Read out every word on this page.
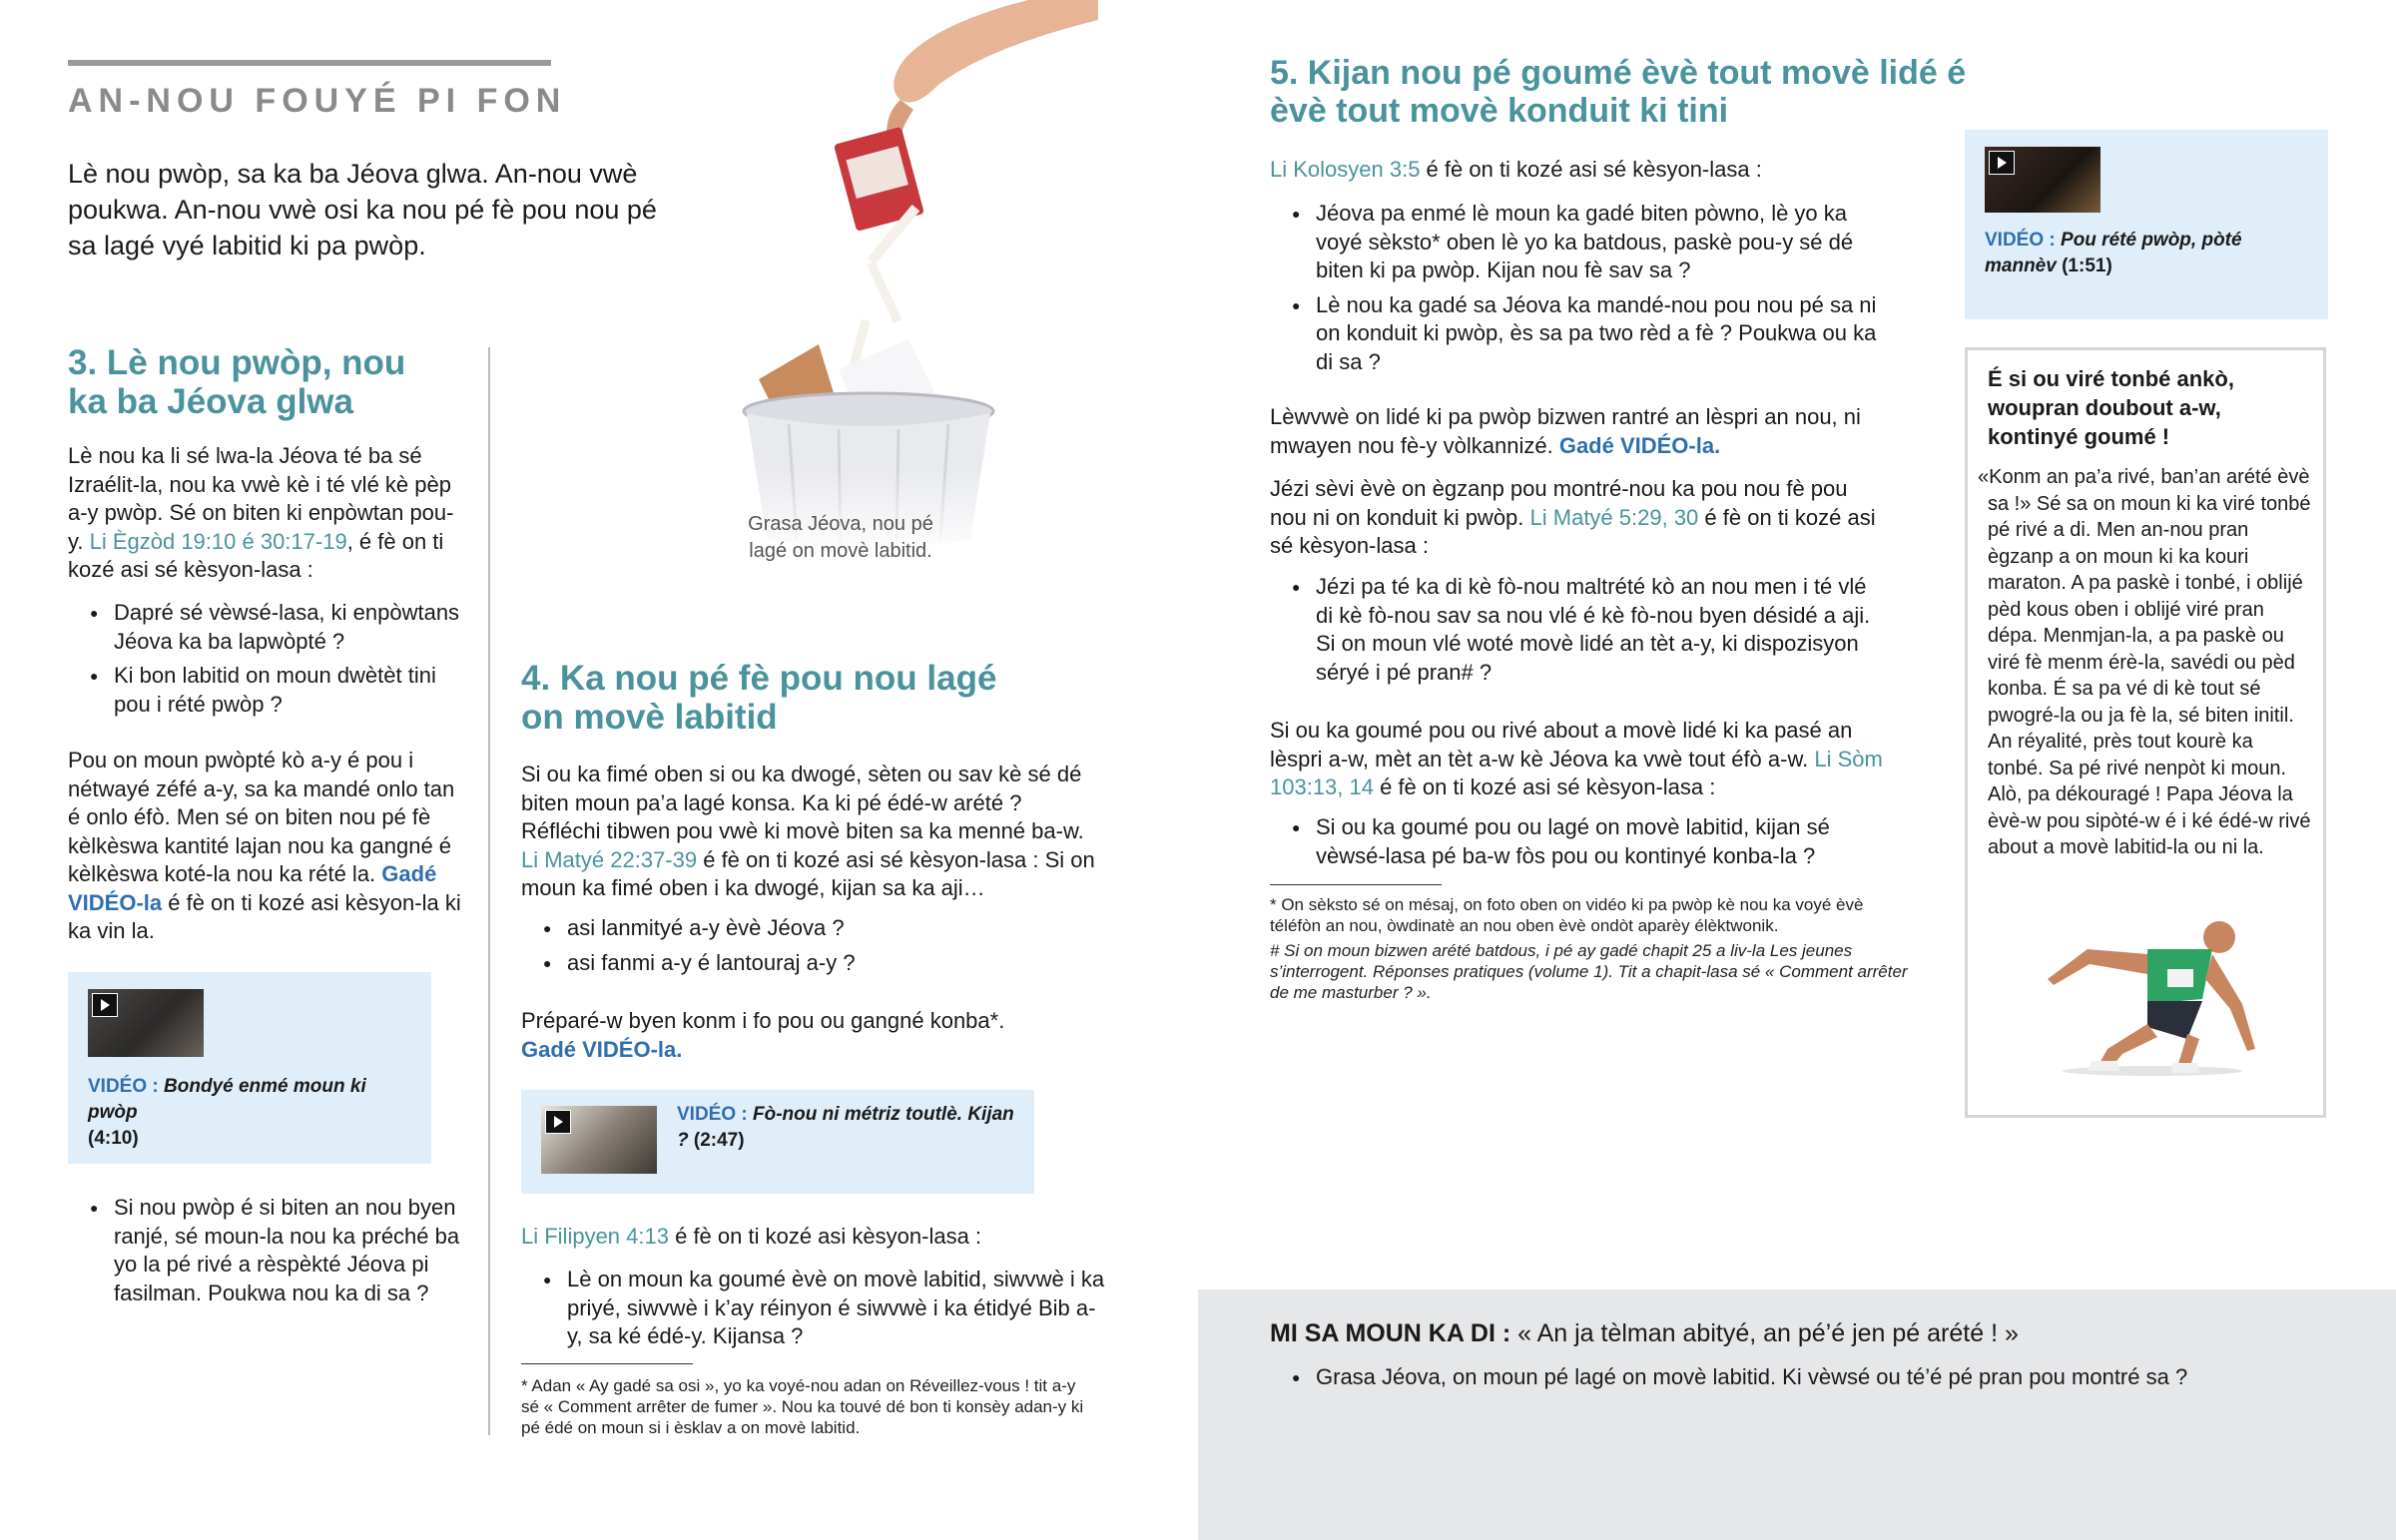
AN-NOU FOUYÉ PI FON

Lè nou pwòp, sa ka ba Jéova glwa. An-nou vwè poukwa. An-nou vwè osi ka nou pé fè pou nou pé sa lagé vyé labitid ki pa pwòp.

Grasa Jéova, nou pé lagé on movè labitid.

3. Lè nou pwòp, nou ka ba Jéova glwa

Lè nou ka li sé lwa-la Jéova té ba sé Izraélit-la, nou ka vwè kè i té vlé kè pèp a-y pwòp. Sé on biten ki enpòwtan pou-y. Li Ègzòd 19:10 é 30:17-19, é fè on ti kozé asi sé kèsyon-lasa :

● Dapré sé vèwsé-lasa, ki enpòwtans Jéova ka ba lapwòpté ?
● Ki bon labitid on moun dwètèt tini pou i rété pwòp ?

Pou on moun pwòpté kò a-y é pou i nétwayé zéfé a-y, sa ka mandé onlo tan é onlo éfò. Men sé on biten nou pé fè kèlkèswa kantité lajan nou ka gangné é kèlkèswa koté-la nou ka rété la. Gadé VIDÉO-la é fè on ti kozé asi kèsyon-la ki ka vin la.

VIDÉO : Bondyé enmé moun ki pwòp
(4:10)
● Si nou pwòp é si biten an nou byen ranjé, sé moun-la nou ka préché ba yo la pé rivé a rèspèkté Jéova pi fasilman. Poukwa nou ka di sa ?
4. Ka nou pé fè pou nou lagé on movè labitid

Si ou ka fimé oben si ou ka dwogé, sèten ou sav kè sé dé biten moun pa’a lagé konsa. Ka ki pé édé-w arété ? Réfléchi tibwen pou vwè ki movè biten sa ka menné ba-w. Li Matyé 22:37-39 é fè on ti kozé asi sé kèsyon-lasa : Si on moun ka fimé oben i ka dwogé, kijan sa ka aji…

● asi lanmityé a-y èvè Jéova ?
● asi fanmi a-y é lantouraj a-y ?

Préparé-w byen konm i fo pou ou gangné konba*.
Gadé VIDÉO-la.

VIDÉO : Fò-nou ni métriz toutlè. Kijan ? (2:47)

Li Filipyen 4:13 é fè on ti kozé asi kèsyon-lasa :

● Lè on moun ka goumé èvè on movè labitid, siwvwè i ka priyé, siwvwè i k’ay réinyon é siwvwè i ka étidyé Bib a-y, sa ké édé-y. Kijansa ?

* Adan « Ay gadé sa osi », yo ka voyé-nou adan on Réveillez-vous ! tit a-y sé « Comment arrêter de fumer ». Nou ka touvé dé bon ti konsèy adan-y ki pé édé on moun si i èsklav a on movè labitid.

5. Kijan nou pé goumé èvè tout movè lidé é èvè tout movè konduit ki tini

Li Kolosyen 3:5 é fè on ti kozé asi sé kèsyon-lasa :

● Jéova pa enmé lè moun ka gadé biten pòwno, lè yo ka voyé sèksto* oben lè yo ka batdous, paskè pou-y sé dé biten ki pa pwòp. Kijan nou fè sav sa ?
● Lè nou ka gadé sa Jéova ka mandé-nou pou nou pé sa ni on konduit ki pwòp, ès sa pa two rèd a fè ? Poukwa ou ka di sa ?

Lèwvwè on lidé ki pa pwòp bizwen rantré an lèspri an nou, ni mwayen nou fè-y vòlkannizé. Gadé VIDÉO-la.

Jézi sèvi èvè on ègzanp pou montré-nou ka pou nou fè pou nou ni on konduit ki pwòp. Li Matyé 5:29, 30 é fè on ti kozé asi sé kèsyon-lasa :

● Jézi pa té ka di kè fò-nou maltrété kò an nou men i té vlé di kè fò-nou sav sa nou vlé é kè fò-nou byen désidé a aji. Si on moun vlé woté movè lidé an tèt a-y, ki dispozisyon séryé i pé pran# ?

Si ou ka goumé pou ou rivé about a movè lidé ki ka pasé an lèspri a-w, mèt an tèt a-w kè Jéova ka vwè tout éfò a-w. Li Sòm 103:13, 14 é fè on ti kozé asi sé kèsyon-lasa :

● Si ou ka goumé pou ou lagé on movè labitid, kijan sé vèwsé-lasa pé ba-w fòs pou ou kontinyé konba-la ?

* On sèksto sé on mésaj, on foto oben on vidéo ki pa pwòp kè nou ka voyé èvè téléfòn an nou, òwdinatè an nou oben èvè ondòt aparèy élèktwonik.

# Si on moun bizwen arété batdous, i pé ay gadé chapit 25 a liv-la Les jeunes s’interrogent. Réponses pratiques (volume 1). Tit a chapit-lasa sé « Comment arrêter de me masturber ? ».

VIDÉO : Pou rété pwòp, pòté mannèv (1:51)

É si ou viré tonbé ankò, woupran doubout a-w, kontinyé goumé !

«Konm an pa’a rivé, ban’an arété èvè sa !» Sé sa on moun ki ka viré tonbé pé rivé a di. Men an-nou pran ègzanp a on moun ki ka kouri maraton. A pa paskè i tonbé, i oblijé pèd kous oben i oblijé viré pran dépa. Menmjan-la, a pa paskè ou viré fè menm érè-la, savédi ou pèd konba. É sa pa vé di kè tout sé pwogré-la ou ja fè la, sé biten initil. An réyalité, près tout kourè ka tonbé. Sa pé rivé nenpòt ki moun. Alò, pa dékouragé ! Papa Jéova la èvè-w pou sipòté-w é i ké édé-w rivé about a movè labitid-la ou ni la.

MI SA MOUN KA DI : « An ja tèlman abityé, an pé’é jen pé arété ! »

● Grasa Jéova, on moun pé lagé on movè labitid. Ki vèwsé ou té’é pé pran pou montré sa ?
